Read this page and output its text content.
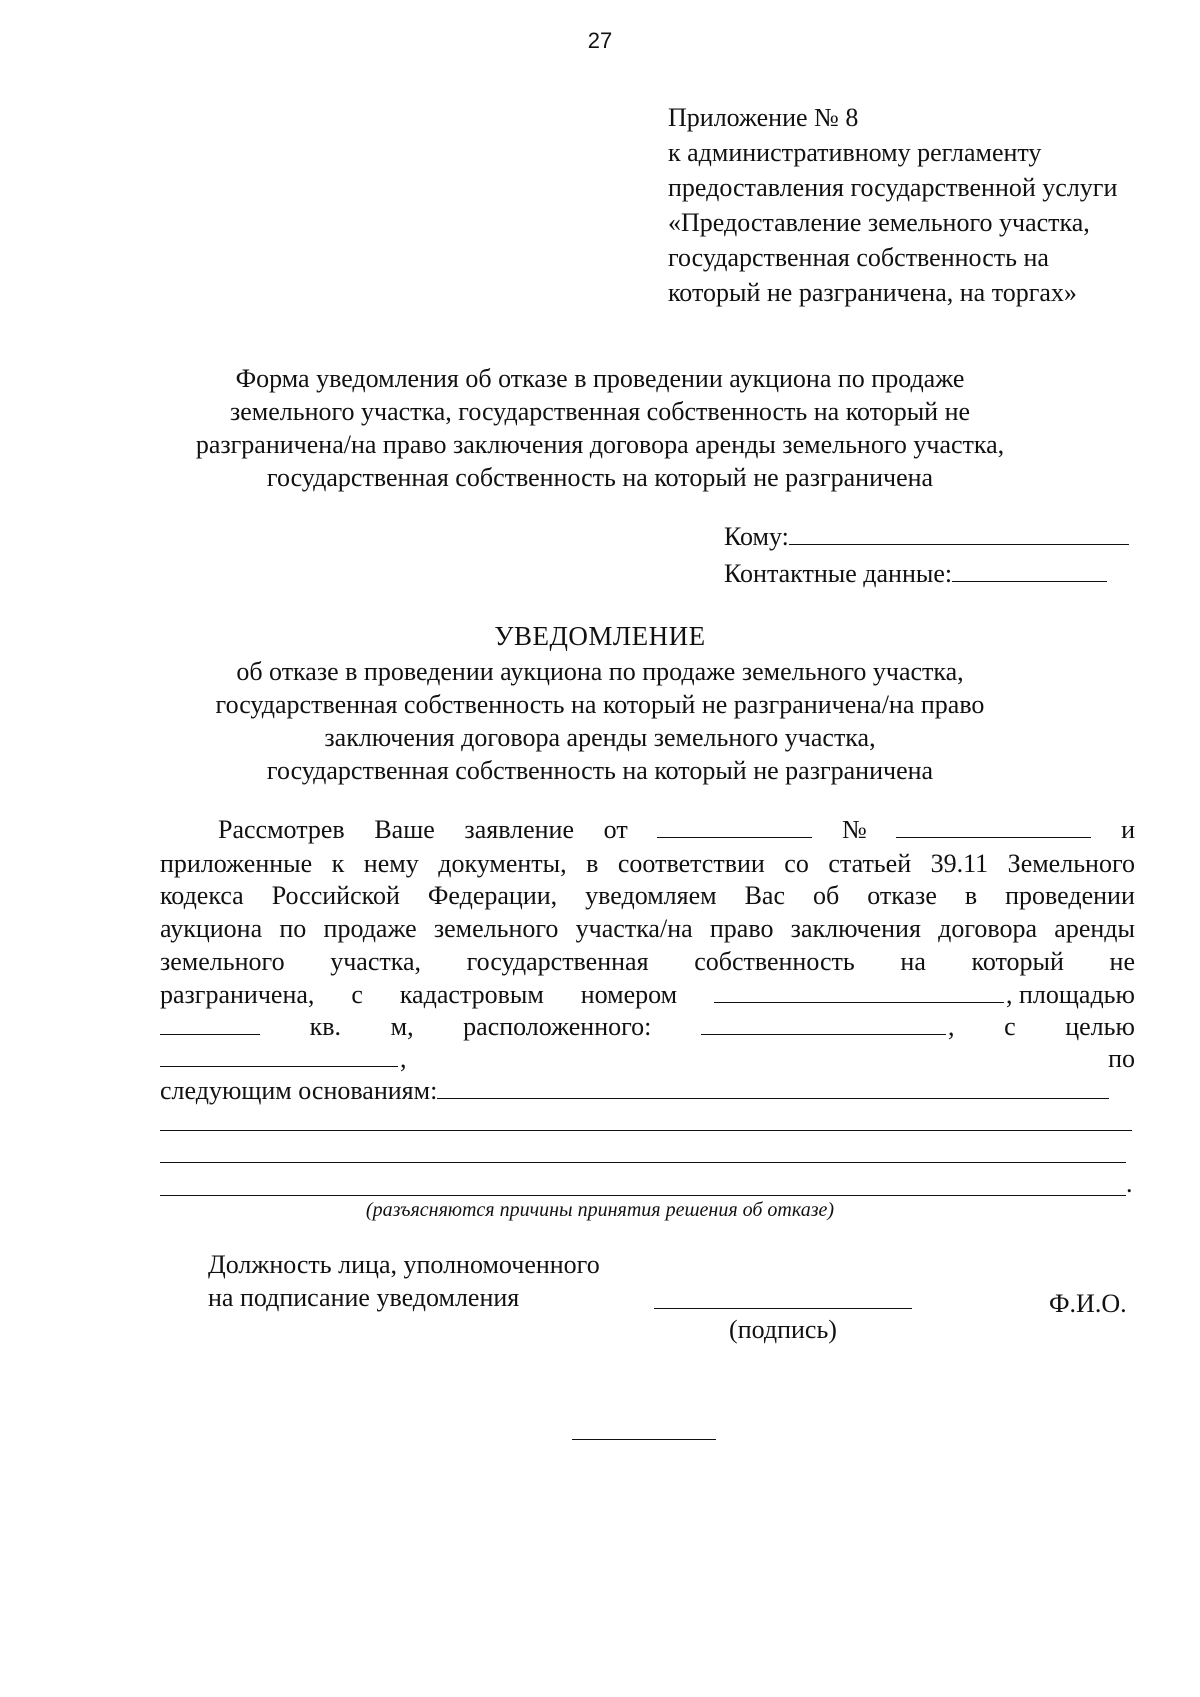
27
Приложение № 8
к административному регламенту
предоставления государственной услуги
«Предоставление земельного участка,
государственная собственность на
который не разграничена, на торгах»
Форма уведомления об отказе в проведении аукциона по продаже
земельного участка, государственная собственность на который не
разграничена/на право заключения договора аренды земельного участка,
государственная собственность на который не разграничена
Кому:
Контактные данные:
УВЕДОМЛЕНИЕ
об отказе в проведении аукциона по продаже земельного участка,
государственная собственность на который не разграничена/на право
заключения договора аренды земельного участка,
государственная собственность на который не разграничена
Рассмотрев Ваше заявление от	№	и
приложенные к нему документы, в соответствии со статьей 39.11 Земельного
кодекса Российской Федерации, уведомляем Вас об отказе в проведении
аукциона по продаже земельного участка/на право заключения договора аренды
земельного участка, государственная собственность на который не
разграничена, с кадастровым номером	, площадью
кв. м, расположенного:	, с целью
,	по
следующим основаниям:
.
(разъясняются причины принятия решения об отказе)
Должность лица, уполномоченного
на подписание уведомления
(подпись)
Ф.И.О.
